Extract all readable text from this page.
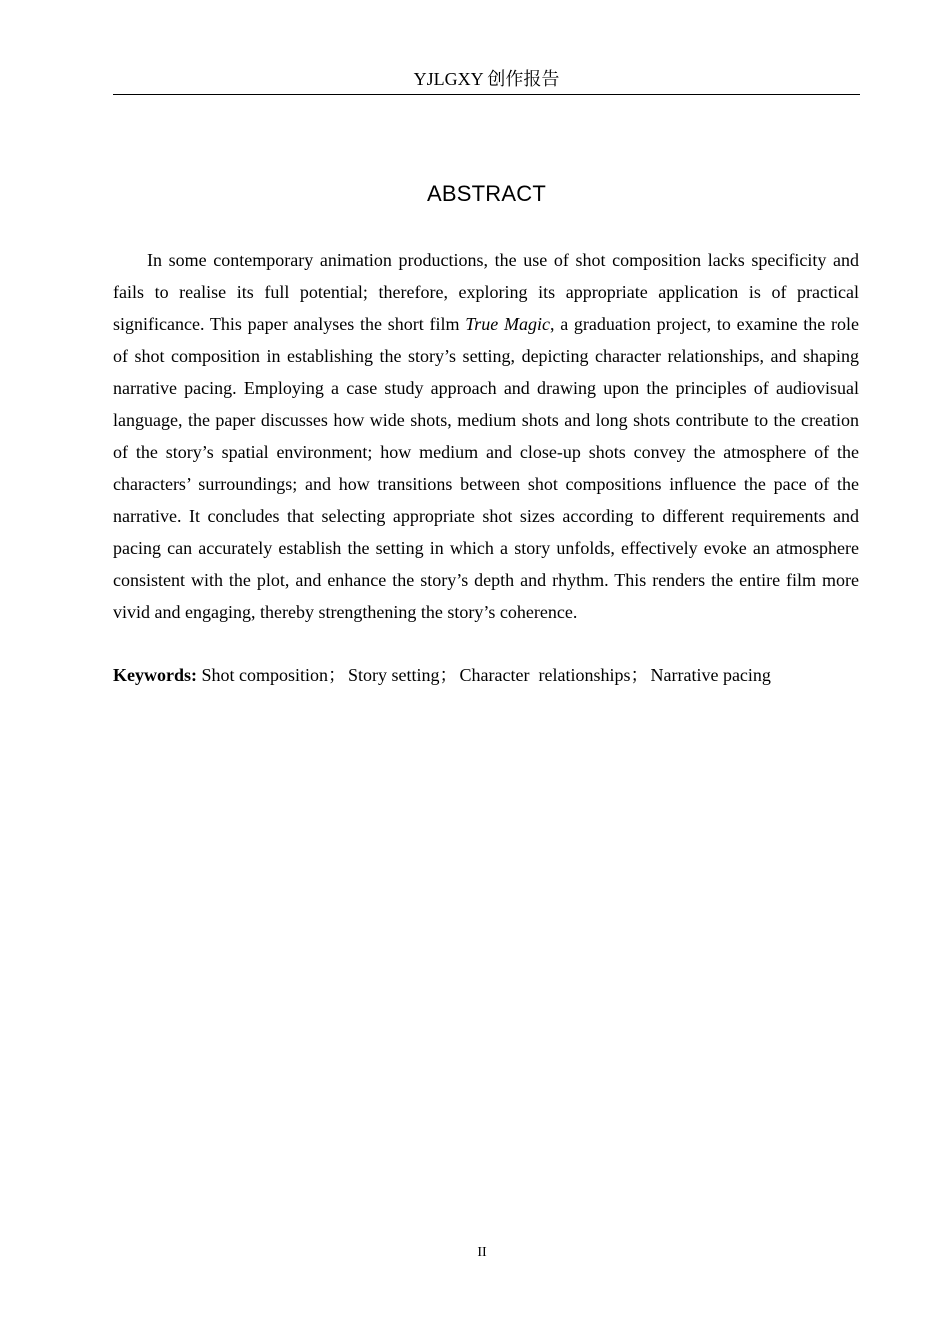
YJLGXY 创作报告
ABSTRACT

In some contemporary animation productions, the use of shot composition lacks specificity and fails to realise its full potential; therefore, exploring its appropriate application is of practical significance. This paper analyses the short film True Magic, a graduation project, to examine the role of shot composition in establishing the story’s setting, depicting character relationships, and shaping narrative pacing. Employing a case study approach and drawing upon the principles of audiovisual language, the paper discusses how wide shots, medium shots and long shots contribute to the creation of the story’s spatial environment; how medium and close-up shots convey the atmosphere of the characters’ surroundings; and how transitions between shot compositions influence the pace of the narrative. It concludes that selecting appropriate shot sizes according to different requirements and pacing can accurately establish the setting in which a story unfolds, effectively evoke an atmosphere consistent with the plot, and enhance the story’s depth and rhythm. This renders the entire film more vivid and engaging, thereby strengthening the story’s coherence.

Keywords: Shot composition； Story setting； Character  relationships； Narrative pacing

II
